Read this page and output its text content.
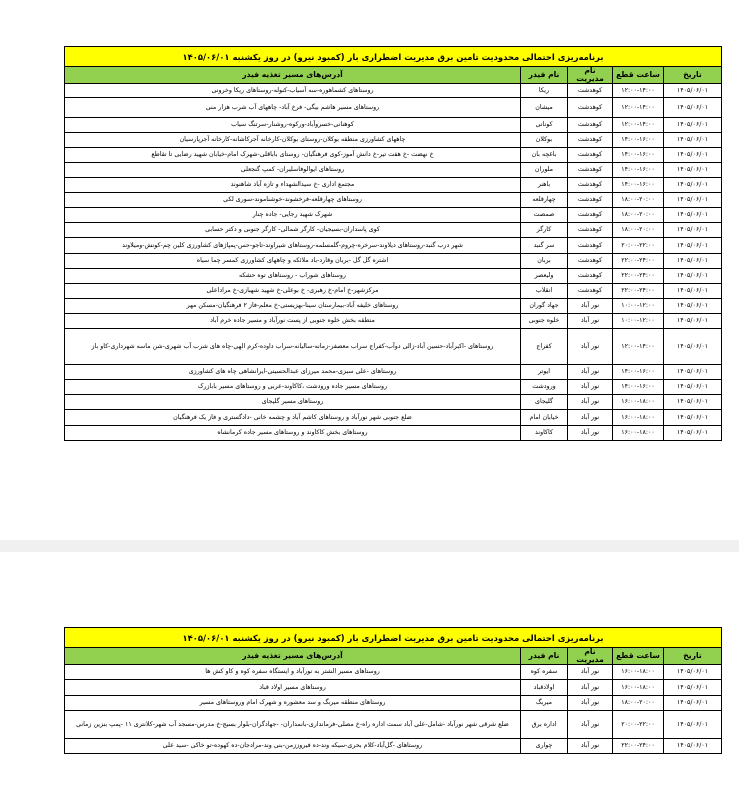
برنامه‌ریزی احتمالی محدودیت تامین برق مدیریت اضطراری بار (کمبود نیرو) در روز یکشنبه ۱۴۰۵/۰۶/۰۱				
تاریخ	ساعت قطع	نام مدیریت	نام فیدر	آدرس‌های مسیر تغذیه فیدر
۱۴۰۵/۰۶/۰۱	۱۲:۰۰-۱۴:۰۰	کوهدشت	ریکا	روستاهای کشماهوره-سه آسیاب-کنوله-روستاهای ریکا وخرونی
۱۴۰۵/۰۶/۰۱	۱۲:۰۰-۱۴:۰۰	کوهدشت	میشان	روستاهای مسیر هاشم بیگی- فرخ آباد- چاههای آب شرب هزار منی
۱۴۰۵/۰۶/۰۱	۱۲:۰۰-۱۴:۰۰	کوهدشت	کونانی	کوهنانی-خسروآباد-ورکوه-روشنار-سرتنگ سیاب
۱۴۰۵/۰۶/۰۱	۱۴:۰۰-۱۶:۰۰	کوهدشت	بوکلان	چاههای کشاورزی منطقه بوکلان-روستای بوکلان-کارخانه آجرکاشانه-کارخانه آجرپارسیان
۱۴۰۵/۰۶/۰۱	۱۴:۰۰-۱۶:۰۰	کوهدشت	باغچه بان	خ نهضت -خ هفت تیر-خ دانش آموز-کوی فرهنگیان- روستای باباقلی-شهرک امام-خیابان شهید رضایی تا تقاطع
۱۴۰۵/۰۶/۰۱	۱۴:۰۰-۱۶:۰۰	کوهدشت	ملوران	روستاهای ایوالوفاسلیران- کمپ گنجعلی
۱۴۰۵/۰۶/۰۱	۱۴:۰۰-۱۶:۰۰	کوهدشت	باهنر	مجتمع اداری -خ سیدالشهداء و تازه آباد شاهنوند
۱۴۰۵/۰۶/۰۱	۱۸:۰۰-۲۰:۰۰	کوهدشت	چهارقلعه	روستاهای چهارقلعه-فرخشوند-خوشناموند-سوری لکی
۱۴۰۵/۰۶/۰۱	۱۸:۰۰-۲۰:۰۰	کوهدشت	صمصت	شهرک شهید رجایی- جاده چنار
۱۴۰۵/۰۶/۰۱	۱۸:۰۰-۲۰:۰۰	کوهدشت	کارگر	کوی پاسداران-بسیجیان- کارگر شمالی- کارگر جنوبی و دکتر حسابی
۱۴۰۵/۰۶/۰۱	۲۰:۰۰-۲۲:۰۰	کوهدشت	سر گنبد	شهر درب گنبد-روستاهای دیلاوند-سرخره-چروم-گلمسلمه-روستاهای شیراوند-تاجو-حس-پمپاژهای کشاورزی کلین چم-کونش-ومیلاوند
۱۴۰۵/۰۶/۰۱	۲۲:۰۰-۲۴:۰۰	کوهدشت	بربان	اشتره گل گل -بربان وقارد-باد ملائکه و چاههای کشاورزی کمسر چما سیاه
۱۴۰۵/۰۶/۰۱	۲۲:۰۰-۲۴:۰۰	کوهدشت	ولیعصر	روستاهای شوراب - روستاهای توه حشکه
۱۴۰۵/۰۶/۰۱	۲۲:۰۰-۲۴:۰۰	کوهدشت	انقلاب	مرکزشهر-خ امام-خ رهبری- خ بوعلی-خ شهید شهبازی-خ مراداعلی
۱۴۰۵/۰۶/۰۱	۱۰:۰۰-۱۲:۰۰	نور آباد	جهاد گوران	روستاهای خلیفه آباد-بیمارستان سینا-بهزیستی-خ معلم-فاز ۲ فرهنگیان-مسکن مهر
۱۴۰۵/۰۶/۰۱	۱۰:۰۰-۱۲:۰۰	نور آباد	خلوه جنوبی	منطقه بخش خلوه جنوبی از پست نورآباد و مسیر جاده خرم آباد
۱۴۰۵/۰۶/۰۱	۱۲:۰۰-۱۴:۰۰	نور آباد	کفراج	روستاهای -اکبرآباد-حسین آباد-زالی دوآب-کفراج سراب معصفر-زمانه-سالیانه-سراب داوده-کرم الهی-چاه های شرب آب شهری-شن ماسه شهرداری-کاو باز
۱۴۰۵/۰۶/۰۱	۱۴:۰۰-۱۶:۰۰	نور آباد	ایوتر	روستاهای -علی سبزی-محمد میرزای عبدالحسینی-ایرانشاهی چاه های کشاورزی
۱۴۰۵/۰۶/۰۱	۱۴:۰۰-۱۶:۰۰	نور آباد	ورودشت	روستاهای مسیر جاده ورودشت ،کاکاوند-عربی و روستاهای مسیر بابازرک
۱۴۰۵/۰۶/۰۱	۱۶:۰۰-۱۸:۰۰	نور آباد	گلیجای	روستاهای مسیر گلیجای
۱۴۰۵/۰۶/۰۱	۱۶:۰۰-۱۸:۰۰	نور آباد	خیابان امام	ضلع جنوبی شهر نورآباد و روستاهای کاشم آباد و چشمه خانی -دادگستری و فاز یک فرهنگیان
۱۴۰۵/۰۶/۰۱	۱۶:۰۰-۱۸:۰۰	نور آباد	کاکاوند	روستاهای بخش کاکاوند و روستاهای مسیر جاده کرمانشاه
برنامه‌ریزی احتمالی محدودیت تامین برق مدیریت اضطراری بار (کمبود نیرو) در روز یکشنبه ۱۴۰۵/۰۶/۰۱				
تاریخ	ساعت قطع	نام مدیریت	نام فیدر	آدرس‌های مسیر تغذیه فیدر
۱۴۰۵/۰۶/۰۱	۱۶:۰۰-۱۸:۰۰	نور آباد	سفره کوه	روستاهای مسیر الشتر به نورآباد و ایستگاه سفره کوه و کاو کش ها
۱۴۰۵/۰۶/۰۱	۱۶:۰۰-۱۸:۰۰	نور آباد	اولادقباد	روستاهای مسیر اولاد قباد
۱۴۰۵/۰۶/۰۱	۱۸:۰۰-۲۰:۰۰	نور آباد	میربگ	روستاهای منطقه میربگ و سد معشوره و شهرک امام وروستاهای مسیر
۱۴۰۵/۰۶/۰۱	۲۰:۰۰-۲۲:۰۰	نور آباد	اداره برق	ضلع شرقی شهر نورآباد -شامل-علی آباد سمت اداره راه-خ مصلی-فرمانداری-بانمداران- -جهادگران-بلوار بسیج-خ مدرس-مسجد آب شهر-کلانتری ۱۱ -پمپ بنزین زمانی
۱۴۰۵/۰۶/۰۱	۲۲:۰۰-۲۴:۰۰	نور آباد	چواری	روستاهای -گل‌آباد-کلام بحری-سیکه وند-ده فیروززمن-بنی وند-مرادجان-ده کهوده-تو خاکی -سید علی
